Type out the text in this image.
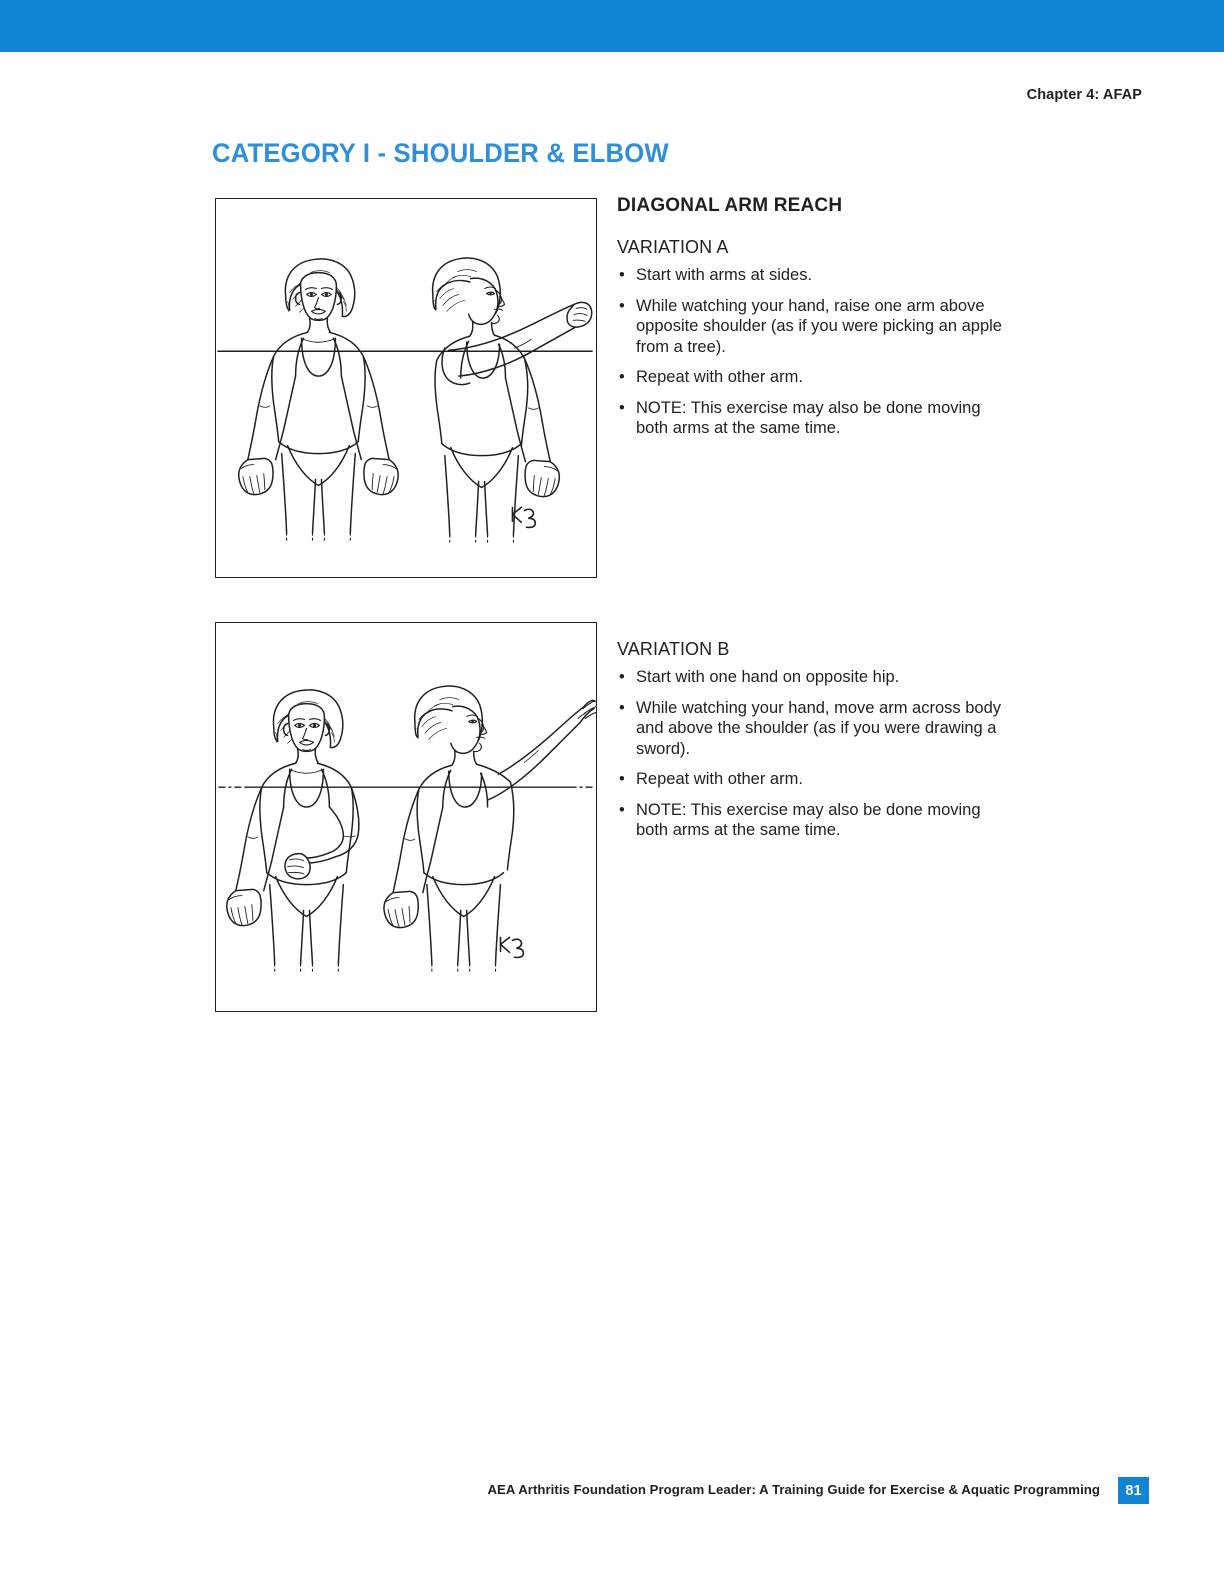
Chapter 4: AFAP
CATEGORY I - SHOULDER & ELBOW
DIAGONAL ARM REACH
VARIATION A
• Start with arms at sides.
• While watching your hand, raise one arm above opposite shoulder (as if you were picking an apple from a tree).
• Repeat with other arm.
• NOTE: This exercise may also be done moving both arms at the same time.
VARIATION B
• Start with one hand on opposite hip.
• While watching your hand, move arm across body and above the shoulder (as if you were drawing a sword).
• Repeat with other arm.
• NOTE: This exercise may also be done moving both arms at the same time.
AEA Arthritis Foundation Program Leader: A Training Guide for Exercise & Aquatic Programming	81
